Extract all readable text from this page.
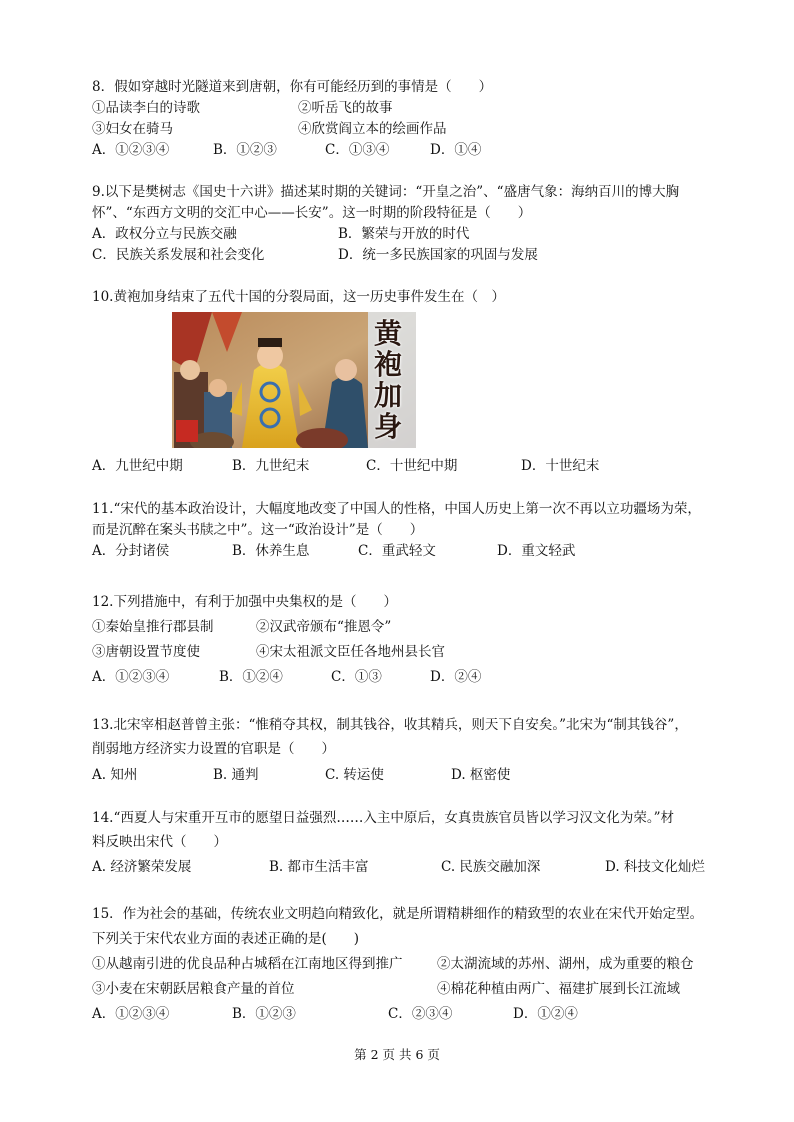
8．假如穿越时光隧道来到唐朝，你有可能经历到的事情是（　　）
①品读李白的诗歌	②听岳飞的故事
③妇女在骑马	④欣赏阎立本的绘画作品
A．①②③④	B．①②③	C．①③④	D．①④
9.以下是樊树志《国史十六讲》描述某时期的关键词：“开皇之治”、“盛唐气象：海纳百川的博大胸
怀”、“东西方文明的交汇中心——长安”。这一时期的阶段特征是（　　）
A．政权分立与民族交融	B．繁荣与开放的时代
C．民族关系发展和社会变化	D．统一多民族国家的巩固与发展
10.黄袍加身结束了五代十国的分裂局面，这一历史事件发生在（　）
黄
袍
加
身
A．九世纪中期	B．九世纪末	C．十世纪中期	D．十世纪末
11.“宋代的基本政治设计，大幅度地改变了中国人的性格，中国人历史上第一次不再以立功疆场为荣，
而是沉醉在案头书牍之中”。这一“政治设计”是（　　）
A．分封诸侯	B．休养生息	C．重武轻文	D．重文轻武
12.下列措施中，有利于加强中央集权的是（　　）
①秦始皇推行郡县制	②汉武帝颁布“推恩令”
③唐朝设置节度使	④宋太祖派文臣任各地州县长官
A．①②③④	B．①②④	C．①③	D．②④
13.北宋宰相赵普曾主张：“惟稍夺其权，制其钱谷，收其精兵，则天下自安矣。”北宋为“制其钱谷”，
削弱地方经济实力设置的官职是（　　）
A. 知州	B. 通判	C. 转运使	D. 枢密使
14.“西夏人与宋重开互市的愿望日益强烈……入主中原后，女真贵族官员皆以学习汉文化为荣。”材
料反映出宋代（　　）
A. 经济繁荣发展	B. 都市生活丰富	C. 民族交融加深	D. 科技文化灿烂
15．作为社会的基础，传统农业文明趋向精致化，就是所谓精耕细作的精致型的农业在宋代开始定型。
下列关于宋代农业方面的表述正确的是(　　)
①从越南引进的优良品种占城稻在江南地区得到推广	②太湖流域的苏州、湖州，成为重要的粮仓
③小麦在宋朝跃居粮食产量的首位	④棉花种植由两广、福建扩展到长江流域
A．①②③④	B．①②③	C．②③④	D．①②④
第 2 页 共 6 页
